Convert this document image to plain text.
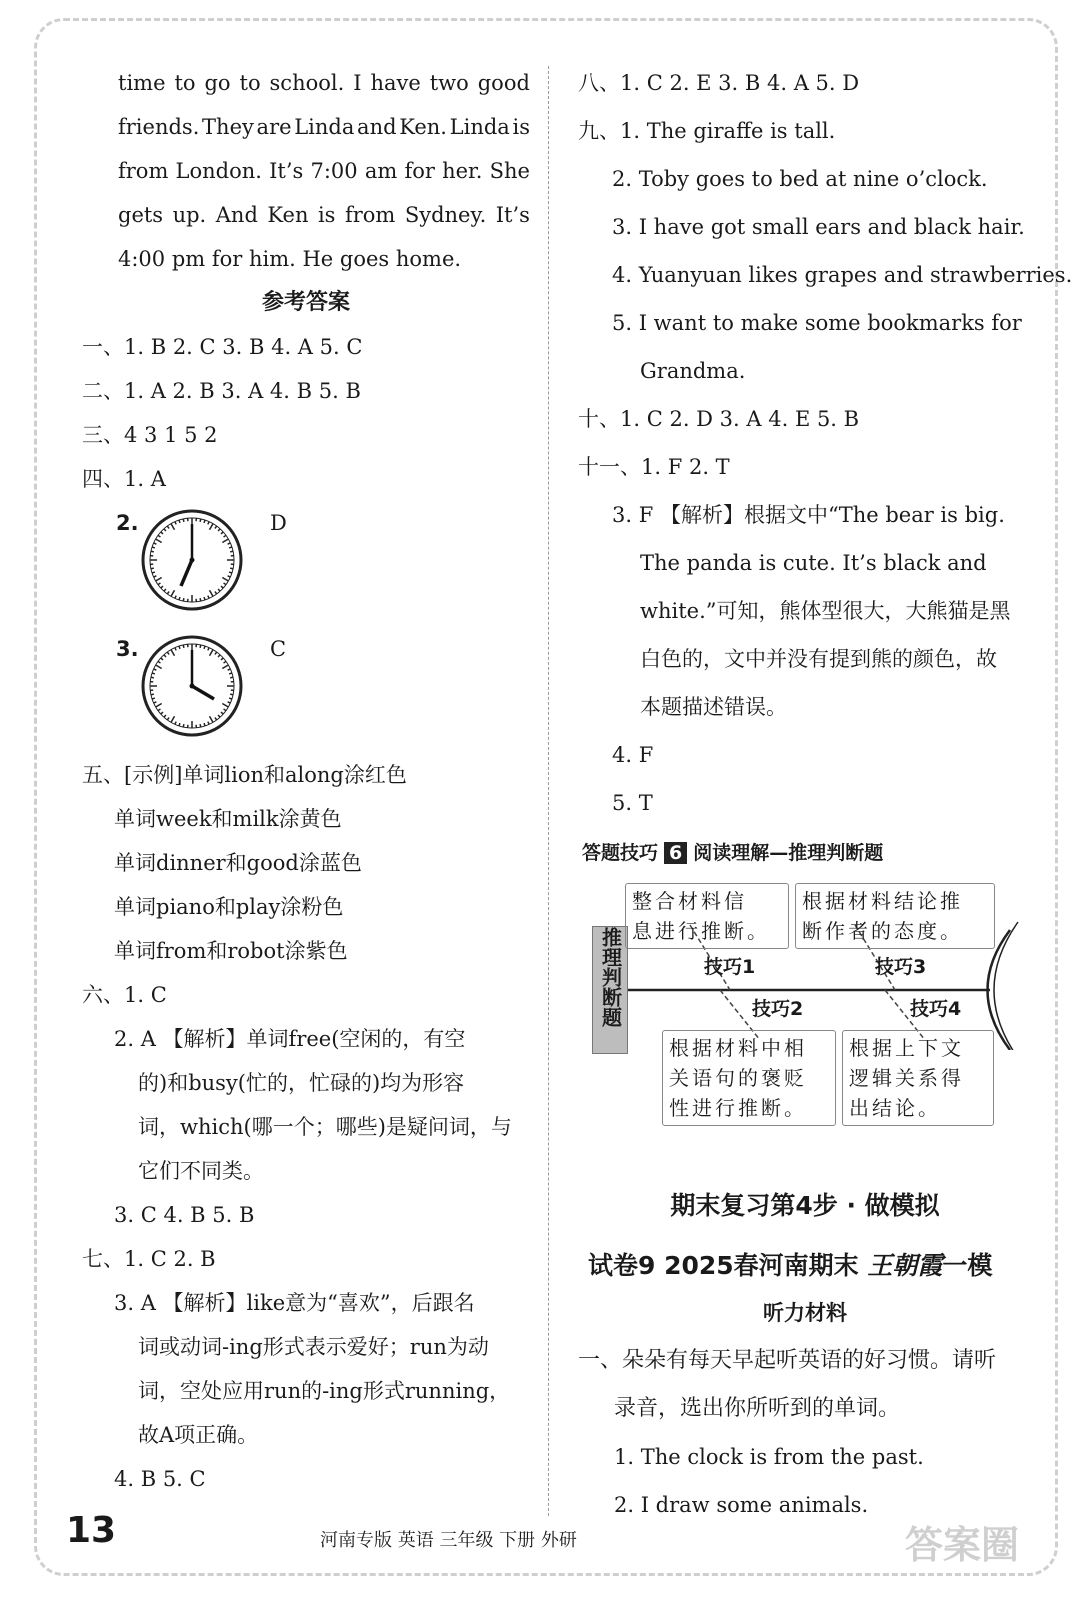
time to go to school. I have two good
friends. They are Linda and Ken. Linda is
from London. It’s 7:00 am for her. She
gets up. And Ken is from Sydney. It’s
4:00 pm for him. He goes home.
参考答案
一、1. B 2. C 3. B 4. A 5. C
二、1. A 2. B 3. A 4. B 5. B
三、4 3 1 5 2
四、1. A
2.	D
3.	C
五、[示例]单词lion和along涂红色
单词week和milk涂黄色
单词dinner和good涂蓝色
单词piano和play涂粉色
单词from和robot涂紫色
六、1. C
2. A 【解析】单词free(空闲的，有空
的)和busy(忙的，忙碌的)均为形容
词，which(哪一个；哪些)是疑问词，与
它们不同类。
3. C 4. B 5. B
七、1. C 2. B
3. A 【解析】like意为“喜欢”，后跟名
词或动词-ing形式表示爱好；run为动
词，空处应用run的-ing形式running，
故A项正确。
4. B 5. C
八、1. C 2. E 3. B 4. A 5. D
九、1. The giraffe is tall.
2. Toby goes to bed at nine o’clock.
3. I have got small ears and black hair.
4. Yuanyuan likes grapes and strawberries.
5. I want to make some bookmarks for
Grandma.
十、1. C 2. D 3. A 4. E 5. B
十一、1. F 2. T
3. F 【解析】根据文中“The bear is big.
The panda is cute. It’s black and
white.”可知，熊体型很大，大熊猫是黑
白色的，文中并没有提到熊的颜色，故
本题描述错误。
4. F
5. T
答题技巧 6 阅读理解—推理判断题
推理判断题
整合材料信
息进行推断。
根据材料结论推
断作者的态度。
技巧1	技巧3
技巧2	技巧4
根据材料中相
关语句的褒贬
性进行推断。
根据上下文
逻辑关系得
出结论。
期末复习第4步 · 做模拟
试卷9 2025春河南期末 王朝霞一模
听力材料
一、朵朵有每天早起听英语的好习惯。请听
录音，选出你所听到的单词。
1. The clock is from the past.
2. I draw some animals.
13	河南专版 英语 三年级 下册 外研	答案圈
